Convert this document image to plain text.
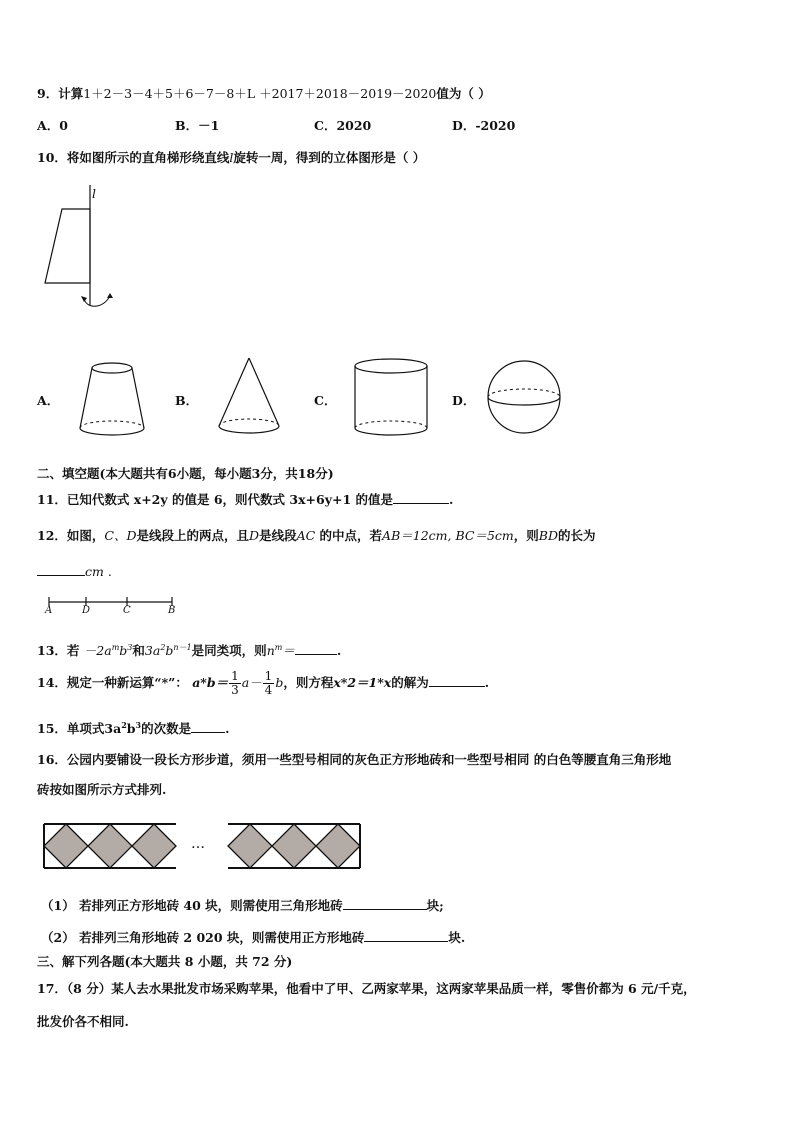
9．计算1＋2－3－4＋5＋6－7－8＋L ＋2017＋2018－2019－2020值为（ ）
A．0	B．－1	C．2020	D．-2020
10．将如图所示的直角梯形绕直线l旋转一周，得到的立体图形是（ ）
l
A．	B．	C．	D．
二、填空题(本大题共有6小题，每小题3分，共18分)
11．已知代数式 x+2y 的值是 6，则代数式 3x+6y+1 的值是	.
12．如图，C、D是线段上的两点，且D是线段AC 的中点，若AB＝12cm, BC＝5cm，则BD的长为
cm .
A	D	C	B
13．若 $-2a^mb^3$和$3a^2b^{n-1}$是同类项，则$n^m=$	.
14．规定一种新运算“*”： $a*b= \frac{1}{3} a- \frac{1}{4}$ b，则方程x*2＝1*x的解为	.
15．单项式$3a^2b^3$的次数是	.
16．公园内要铺设一段长方形步道，须用一些型号相同的灰色正方形地砖和一些型号相同 的白色等腰直角三角形地
砖按如图所示方式排列.
…
（1） 若排列正方形地砖 40 块，则需使用三角形地砖	块;
（2） 若排列三角形地砖 2 020 块，则需使用正方形地砖	块.
三、解下列各题(本大题共 8 小题，共 72 分)
17．（8 分）某人去水果批发市场采购苹果，他看中了甲、乙两家苹果，这两家苹果品质一样，零售价都为 6 元/千克，
批发价各不相同.
